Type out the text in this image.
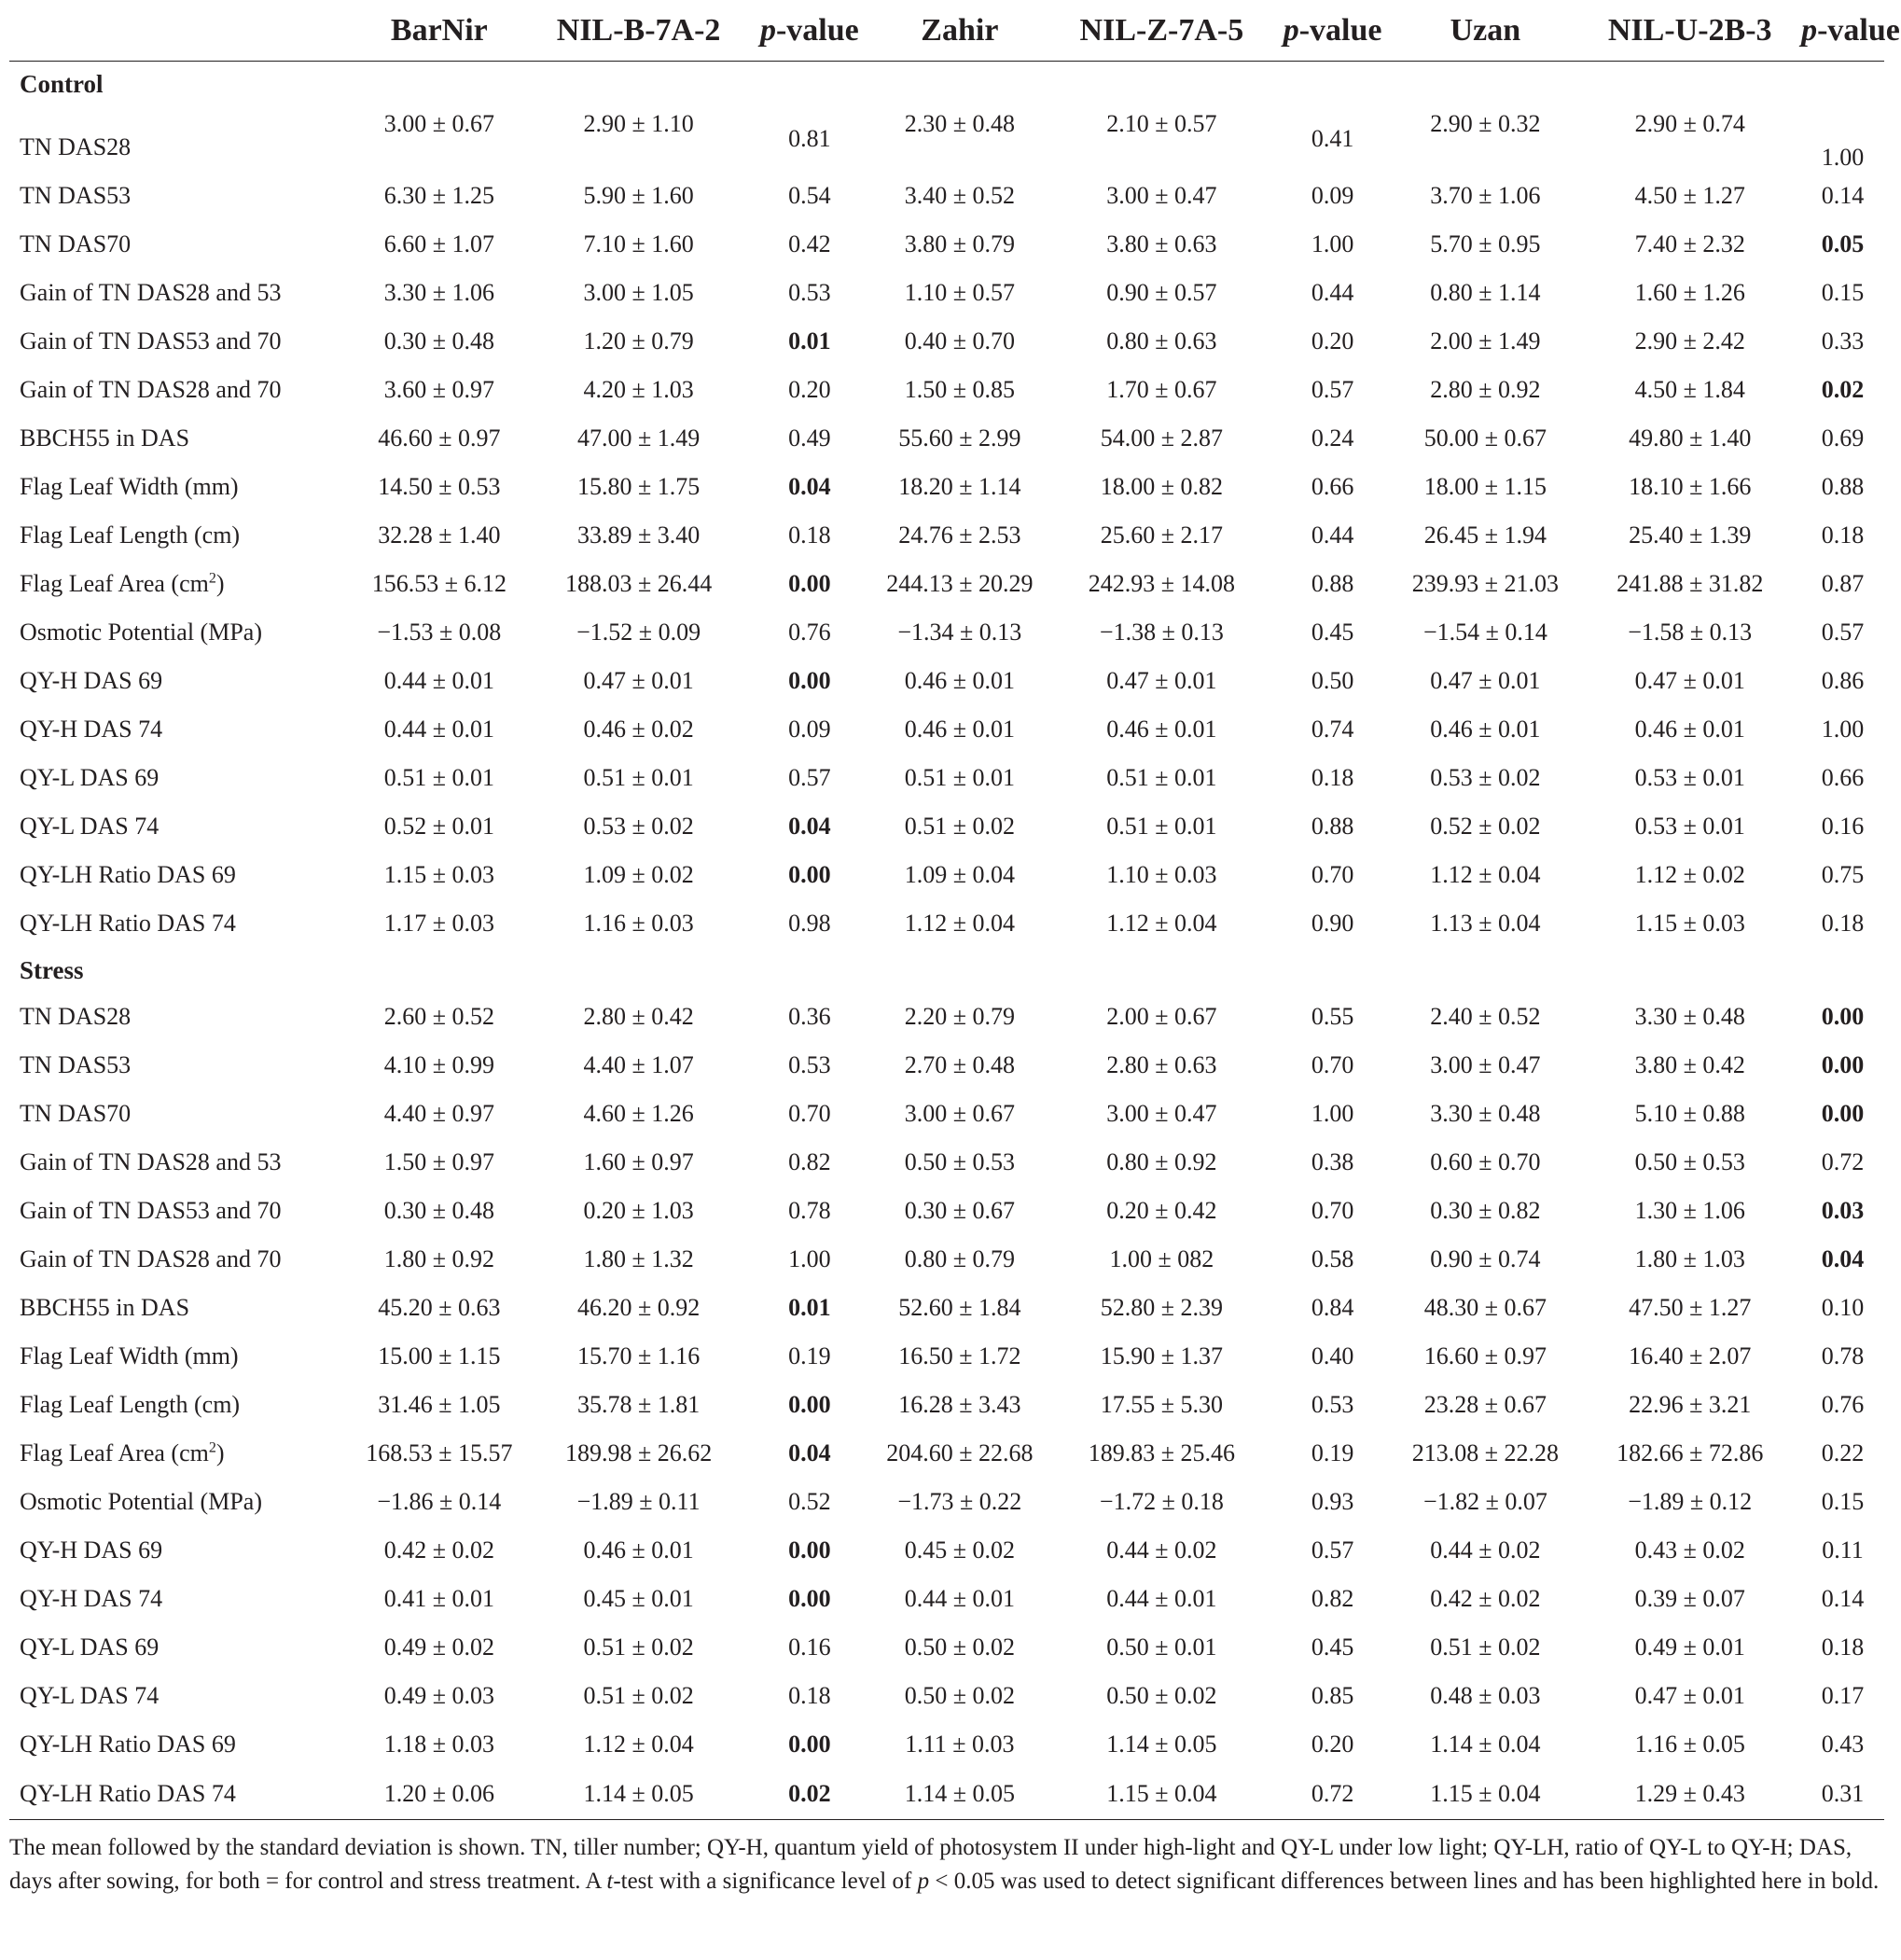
	BarNir	NIL-B-7A-2	p-value	Zahir	NIL-Z-7A-5	p-value	Uzan	NIL-U-2B-3	p-value
Control									
TN DAS28	3.00 ± 0.67	2.90 ± 1.10	0.81	2.30 ± 0.48	2.10 ± 0.57	0.41	2.90 ± 0.32	2.90 ± 0.74	1.00
TN DAS53	6.30 ± 1.25	5.90 ± 1.60	0.54	3.40 ± 0.52	3.00 ± 0.47	0.09	3.70 ± 1.06	4.50 ± 1.27	0.14
TN DAS70	6.60 ± 1.07	7.10 ± 1.60	0.42	3.80 ± 0.79	3.80 ± 0.63	1.00	5.70 ± 0.95	7.40 ± 2.32	0.05
Gain of TN DAS28 and 53	3.30 ± 1.06	3.00 ± 1.05	0.53	1.10 ± 0.57	0.90 ± 0.57	0.44	0.80 ± 1.14	1.60 ± 1.26	0.15
Gain of TN DAS53 and 70	0.30 ± 0.48	1.20 ± 0.79	0.01	0.40 ± 0.70	0.80 ± 0.63	0.20	2.00 ± 1.49	2.90 ± 2.42	0.33
Gain of TN DAS28 and 70	3.60 ± 0.97	4.20 ± 1.03	0.20	1.50 ± 0.85	1.70 ± 0.67	0.57	2.80 ± 0.92	4.50 ± 1.84	0.02
BBCH55 in DAS	46.60 ± 0.97	47.00 ± 1.49	0.49	55.60 ± 2.99	54.00 ± 2.87	0.24	50.00 ± 0.67	49.80 ± 1.40	0.69
Flag Leaf Width (mm)	14.50 ± 0.53	15.80 ± 1.75	0.04	18.20 ± 1.14	18.00 ± 0.82	0.66	18.00 ± 1.15	18.10 ± 1.66	0.88
Flag Leaf Length (cm)	32.28 ± 1.40	33.89 ± 3.40	0.18	24.76 ± 2.53	25.60 ± 2.17	0.44	26.45 ± 1.94	25.40 ± 1.39	0.18
Flag Leaf Area $(cm^2)$	156.53 ± 6.12	188.03 ± 26.44	0.00	244.13 ± 20.29	242.93 ± 14.08	0.88	239.93 ± 21.03	241.88 ± 31.82	0.87
Osmotic Potential (MPa)	−1.53 ± 0.08	−1.52 ± 0.09	0.76	−1.34 ± 0.13	−1.38 ± 0.13	0.45	−1.54 ± 0.14	−1.58 ± 0.13	0.57
QY-H DAS 69	0.44 ± 0.01	0.47 ± 0.01	0.00	0.46 ± 0.01	0.47 ± 0.01	0.50	0.47 ± 0.01	0.47 ± 0.01	0.86
QY-H DAS 74	0.44 ± 0.01	0.46 ± 0.02	0.09	0.46 ± 0.01	0.46 ± 0.01	0.74	0.46 ± 0.01	0.46 ± 0.01	1.00
QY-L DAS 69	0.51 ± 0.01	0.51 ± 0.01	0.57	0.51 ± 0.01	0.51 ± 0.01	0.18	0.53 ± 0.02	0.53 ± 0.01	0.66
QY-L DAS 74	0.52 ± 0.01	0.53 ± 0.02	0.04	0.51 ± 0.02	0.51 ± 0.01	0.88	0.52 ± 0.02	0.53 ± 0.01	0.16
QY-LH Ratio DAS 69	1.15 ± 0.03	1.09 ± 0.02	0.00	1.09 ± 0.04	1.10 ± 0.03	0.70	1.12 ± 0.04	1.12 ± 0.02	0.75
QY-LH Ratio DAS 74	1.17 ± 0.03	1.16 ± 0.03	0.98	1.12 ± 0.04	1.12 ± 0.04	0.90	1.13 ± 0.04	1.15 ± 0.03	0.18
Stress									
TN DAS28	2.60 ± 0.52	2.80 ± 0.42	0.36	2.20 ± 0.79	2.00 ± 0.67	0.55	2.40 ± 0.52	3.30 ± 0.48	0.00
TN DAS53	4.10 ± 0.99	4.40 ± 1.07	0.53	2.70 ± 0.48	2.80 ± 0.63	0.70	3.00 ± 0.47	3.80 ± 0.42	0.00
TN DAS70	4.40 ± 0.97	4.60 ± 1.26	0.70	3.00 ± 0.67	3.00 ± 0.47	1.00	3.30 ± 0.48	5.10 ± 0.88	0.00
Gain of TN DAS28 and 53	1.50 ± 0.97	1.60 ± 0.97	0.82	0.50 ± 0.53	0.80 ± 0.92	0.38	0.60 ± 0.70	0.50 ± 0.53	0.72
Gain of TN DAS53 and 70	0.30 ± 0.48	0.20 ± 1.03	0.78	0.30 ± 0.67	0.20 ± 0.42	0.70	0.30 ± 0.82	1.30 ± 1.06	0.03
Gain of TN DAS28 and 70	1.80 ± 0.92	1.80 ± 1.32	1.00	0.80 ± 0.79	1.00 ± 082	0.58	0.90 ± 0.74	1.80 ± 1.03	0.04
BBCH55 in DAS	45.20 ± 0.63	46.20 ± 0.92	0.01	52.60 ± 1.84	52.80 ± 2.39	0.84	48.30 ± 0.67	47.50 ± 1.27	0.10
Flag Leaf Width (mm)	15.00 ± 1.15	15.70 ± 1.16	0.19	16.50 ± 1.72	15.90 ± 1.37	0.40	16.60 ± 0.97	16.40 ± 2.07	0.78
Flag Leaf Length (cm)	31.46 ± 1.05	35.78 ± 1.81	0.00	16.28 ± 3.43	17.55 ± 5.30	0.53	23.28 ± 0.67	22.96 ± 3.21	0.76
Flag Leaf Area $(cm^2)$	168.53 ± 15.57	189.98 ± 26.62	0.04	204.60 ± 22.68	189.83 ± 25.46	0.19	213.08 ± 22.28	182.66 ± 72.86	0.22
Osmotic Potential (MPa)	−1.86 ± 0.14	−1.89 ± 0.11	0.52	−1.73 ± 0.22	−1.72 ± 0.18	0.93	−1.82 ± 0.07	−1.89 ± 0.12	0.15
QY-H DAS 69	0.42 ± 0.02	0.46 ± 0.01	0.00	0.45 ± 0.02	0.44 ± 0.02	0.57	0.44 ± 0.02	0.43 ± 0.02	0.11
QY-H DAS 74	0.41 ± 0.01	0.45 ± 0.01	0.00	0.44 ± 0.01	0.44 ± 0.01	0.82	0.42 ± 0.02	0.39 ± 0.07	0.14
QY-L DAS 69	0.49 ± 0.02	0.51 ± 0.02	0.16	0.50 ± 0.02	0.50 ± 0.01	0.45	0.51 ± 0.02	0.49 ± 0.01	0.18
QY-L DAS 74	0.49 ± 0.03	0.51 ± 0.02	0.18	0.50 ± 0.02	0.50 ± 0.02	0.85	0.48 ± 0.03	0.47 ± 0.01	0.17
QY-LH Ratio DAS 69	1.18 ± 0.03	1.12 ± 0.04	0.00	1.11 ± 0.03	1.14 ± 0.05	0.20	1.14 ± 0.04	1.16 ± 0.05	0.43
QY-LH Ratio DAS 74	1.20 ± 0.06	1.14 ± 0.05	0.02	1.14 ± 0.05	1.15 ± 0.04	0.72	1.15 ± 0.04	1.29 ± 0.43	0.31
The mean followed by the standard deviation is shown. TN, tiller number; QY-H, quantum yield of photosystem II under high-light and QY-L under low light; QY-LH, ratio of QY-L to QY-H; DAS, days after sowing, for both = for control and stress treatment. A t-test with a significance level of p < 0.05 was used to detect significant differences between lines and has been highlighted here in bold.
